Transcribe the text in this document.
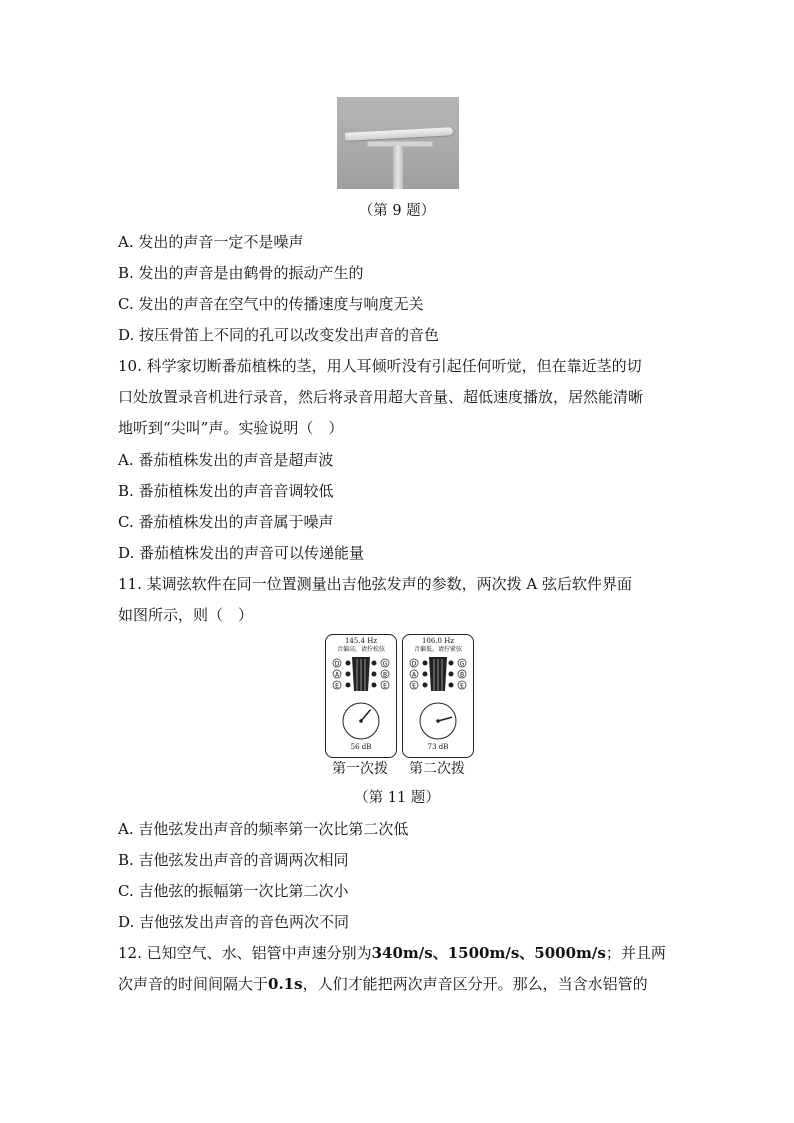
（第 9 题）
A. 发出的声音一定不是噪声
B. 发出的声音是由鹤骨的振动产生的
C. 发出的声音在空气中的传播速度与响度无关
D. 按压骨笛上不同的孔可以改变发出声音的音色
10. 科学家切断番茄植株的茎，用人耳倾听没有引起任何听觉，但在靠近茎的切
口处放置录音机进行录音，然后将录音用超大音量、超低速度播放，居然能清晰
地听到“尖叫”声。实验说明（　）
A. 番茄植株发出的声音是超声波
B. 番茄植株发出的声音音调较低
C. 番茄植株发出的声音属于噪声
D. 番茄植株发出的声音可以传递能量
11. 某调弦软件在同一位置测量出吉他弦发声的参数，两次拨 A 弦后软件界面
如图所示，则（　）
145.4 Hz
音偏高，请拧松弦
D
A
E
G
B
E
56 dB
106.0 Hz
音偏低，请拧紧弦
D
A
E
G
B
E
73 dB
第一次拨	第二次拨
（第 11 题）
A. 吉他弦发出声音的频率第一次比第二次低
B. 吉他弦发出声音的音调两次相同
C. 吉他弦的振幅第一次比第二次小
D. 吉他弦发出声音的音色两次不同
12. 已知空气、水、铝管中声速分别为340m/s、1500m/s、5000m/s；并且两
次声音的时间间隔大于0.1s，人们才能把两次声音区分开。那么，当含水铝管的
